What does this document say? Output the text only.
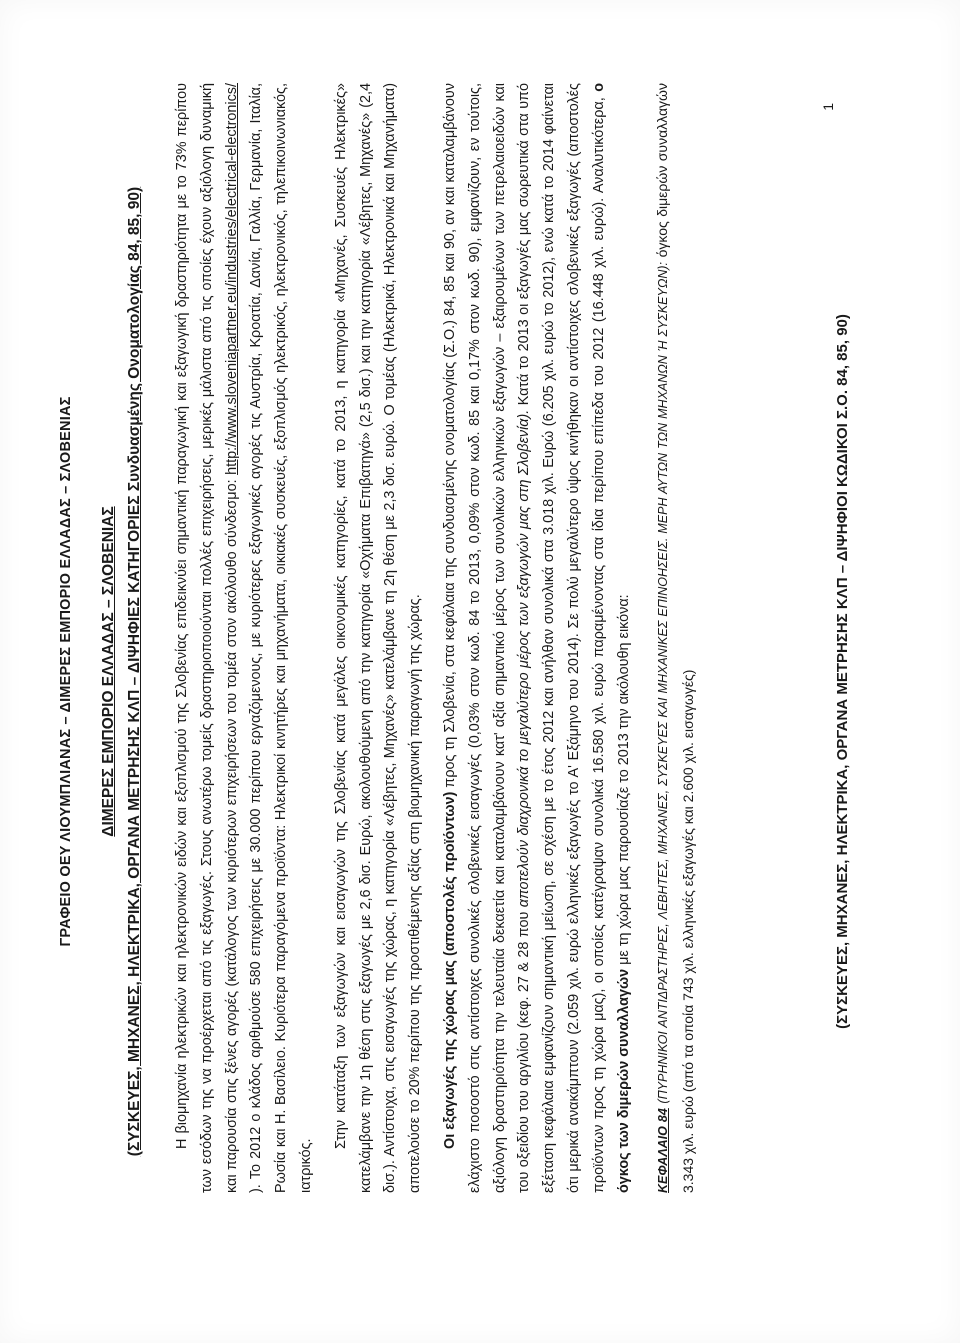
ΓΡΑΦΕΙΟ ΟΕΥ ΛΙΟΥΜΠΛΙΑΝΑΣ – ΔΙΜΕΡΕΣ ΕΜΠΟΡΙΟ ΕΛΛΑΔΑΣ – ΣΛΟΒΕΝΙΑΣ ΔΙΜΕΡΕΣ ΕΜΠΟΡΙΟ ΕΛΛΑΔΑΣ – ΣΛΟΒΕΝΙΑΣ (ΣΥΣΚΕΥΕΣ, ΜΗΧΑΝΕΣ, ΗΛΕΚΤΡΙΚΑ, ΟΡΓΑΝΑ ΜΕΤΡΗΣΗΣ ΚΛΠ – ΔΙΨΗΦΙΕΣ ΚΑΤΗΓΟΡΙΕΣ Συνδυασμένης Ονοματολογίας 84, 85, 90) Η βιομηχανία ηλεκτρικών και ηλεκτρονικών ειδών και εξοπλισμού της Σλοβενίας επιδεικνύει σημαντική παραγωγική και εξαγωγική δραστηριότητα με το 73% περίπου των εσόδων της να προέρχεται από τις εξαγωγές. Στους ανωτέρω τομείς δραστηριοποιούνται πολλές επιχειρήσεις, μερικές μάλιστα από τις οποίες έχουν αξιόλογη δυναμική και παρουσία στις ξένες αγορές (κατάλογος των κυριότερων επιχειρήσεων του τομέα στον ακόλουθο σύνδεσμο: http://www.sloveniapartner.eu/industries/electrical-electronics/ ). Το 2012 ο κλάδος αριθμούσε 580 επιχειρήσεις με 30.000 περίπου εργαζόμενους, με κυριότερες εξαγωγικές αγορές τις Αυστρία, Κροατία, Δανία, Γαλλία, Γερμανία, Ιταλία, Ρωσία και Η. Βασίλειο. Κυριότερα παραγόμενα προϊόντα: Ηλεκτρικοί κινητήρες και μηχανήματα, οικιακές συσκευές, εξοπλισμός ηλεκτρικός, ηλεκτρονικός, τηλεπικοινωνιακός, ιατρικός.

Στην κατάταξη των εξαγωγών και εισαγωγών της Σλοβενίας κατά μεγάλες οικονομικές κατηγορίες, κατά το 2013, η κατηγορία «Μηχανές, Συσκευές Ηλεκτρικές» κατελάμβανε την 1η θέση στις εξαγωγές με 2,6 δισ. Ευρώ, ακολουθούμενη από την κατηγορία «Οχήματα Επιβατηγά» (2,5 δισ.) και την κατηγορία «Λέβητες, Μηχανές» (2,4 δισ.). Αντίστοιχα, στις εισαγωγές της χώρας, η κατηγορία «Λέβητες, Μηχανές» κατελάμβανε τη 2η θέση με 2,3 δισ. ευρώ. Ο τομέας (Ηλεκτρικά, Ηλεκτρονικά και Μηχανήματα) αποτελούσε το 20% περίπου της προστιθέμενης αξίας στη βιομηχανική παραγωγή της χώρας.	Οι εξαγωγές της χώρας μας (αποστολές προϊόντων) προς τη Σλοβενία, στα κεφάλαια της συνδυασμένης ονοματολογίας (Σ.Ο.) 84, 85 και 90, αν και καταλαμβάνουν ελάχιστο ποσοστό στις αντίστοιχες συνολικές σλοβενικές εισαγωγές (0,03% στον κωδ. 84 το 2013, 0,09% στον κωδ. 85 και 0,17% στον κωδ. 90), εμφανίζουν, εν τούτοις, αξιόλογη δραστηριότητα την τελευταία δεκαετία και καταλαμβάνουν κατ' αξία σημαντικό μέρος των συνολικών ελληνικών εξαγωγών – εξαιρουμένων των πετρελαιοειδών και του οξειδίου του αργιλίου (κεφ. 27 & 28 που αποτελούν διαχρονικά το μεγαλύτερο μέρος των εξαγωγών μας στη Σλοβενία). Κατά το 2013 οι εξαγωγές μας σωρευτικά στα υπό εξέταση κεφάλαια εμφανίζουν σημαντική μείωση, σε σχέση με το έτος 2012 και ανήλθαν συνολικά στα 3.018 χιλ. Ευρώ (6.205 χιλ. ευρώ το 2012), ενώ κατά το 2014 φαίνεται ότι μερικά ανακάμπτουν (2.059 χιλ. ευρώ ελληνικές εξαγωγές το Α' Εξάμηνο του 2014). Σε πολύ μεγαλύτερο ύψος κινήθηκαν οι αντίστοιχες σλοβενικές εξαγωγές (αποστολές προϊόντων προς τη χώρα μας), οι οποίες κατέγραψαν συνολικά 16.580 χιλ. ευρώ παραμένοντας στα ίδια περίπου επίπεδα του 2012 (16.448 χιλ. ευρώ). Αναλυτικότερα, ο όγκος των διμερών συναλλαγών με τη χώρα μας παρουσίαζε το 2013 την ακόλουθη εικόνα:

ΚΕΦΑΛΑΙΟ 84 (ΠΥΡΗΝΙΚΟΙ ΑΝΤΙΔΡΑΣΤΗΡΕΣ, ΛΕΒΗΤΕΣ, ΜΗΧΑΝΕΣ, ΣΥΣΚΕΥΕΣ ΚΑΙ ΜΗΧΑΝΙΚΕΣ ΕΠΙΝΟΗΣΕΙΣ. ΜΕΡΗ ΑΥΤΩΝ ΤΩΝ ΜΗΧΑΝΩΝ Ή ΣΥΣΚΕΥΩΝ): όγκος διμερών συναλλαγών 3.343 χιλ. ευρώ (από τα οποία 743 χιλ. ελληνικές εξαγωγές και 2.600 χιλ. εισαγωγές)

1
(ΣΥΣΚΕΥΕΣ, ΜΗΧΑΝΕΣ, ΗΛΕΚΤΡΙΚΑ, ΟΡΓΑΝΑ ΜΕΤΡΗΣΗΣ ΚΛΠ – ΔΙΨΗΦΙΟΙ ΚΩΔΙΚΟΙ Σ.Ο. 84, 85, 90)
